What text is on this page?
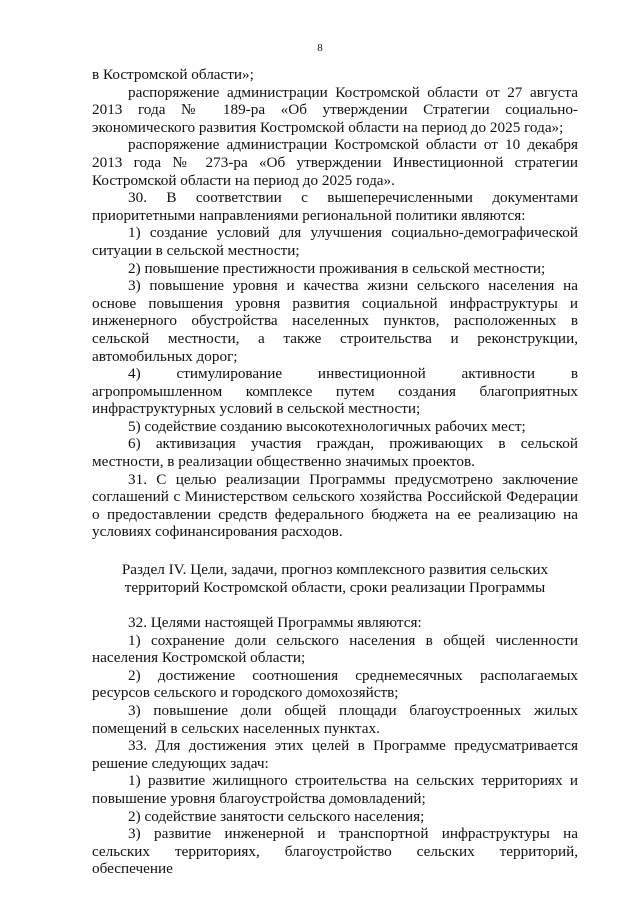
8

в Костромской области»;

распоряжение администрации Костромской области от 27 августа 2013 года № 189-ра «Об утверждении Стратегии социально-экономического развития Костромской области на период до 2025 года»;

распоряжение администрации Костромской области от 10 декабря 2013 года № 273-ра «Об утверждении Инвестиционной стратегии Костромской области на период до 2025 года».

30. В соответствии с вышеперечисленными документами приоритетными направлениями региональной политики являются:

1) создание условий для улучшения социально-демографической ситуации в сельской местности;

2) повышение престижности проживания в сельской местности;

3) повышение уровня и качества жизни сельского населения на основе повышения уровня развития социальной инфраструктуры и инженерного обустройства населенных пунктов, расположенных в сельской местности, а также строительства и реконструкции, автомобильных дорог;

4) стимулирование инвестиционной активности в агропромышленном комплексе путем создания благоприятных инфраструктурных условий в сельской местности;

5) содействие созданию высокотехнологичных рабочих мест;

6) активизация участия граждан, проживающих в сельской местности, в реализации общественно значимых проектов.

31. С целью реализации Программы предусмотрено заключение соглашений с Министерством сельского хозяйства Российской Федерации о предоставлении средств федерального бюджета на ее реализацию на условиях софинансирования расходов.

Раздел IV. Цели, задачи, прогноз комплексного развития сельских
территорий Костромской области, сроки реализации Программы

32. Целями настоящей Программы являются:

1) сохранение доли сельского населения в общей численности населения Костромской области;

2) достижение соотношения среднемесячных располагаемых ресурсов сельского и городского домохозяйств;

3) повышение доли общей площади благоустроенных жилых помещений в сельских населенных пунктах.

33. Для достижения этих целей в Программе предусматривается решение следующих задач:

1) развитие жилищного строительства на сельских территориях и повышение уровня благоустройства домовладений;

2) содействие занятости сельского населения;

3) развитие инженерной и транспортной инфраструктуры на сельских территориях, благоустройство сельских территорий, обеспечение
